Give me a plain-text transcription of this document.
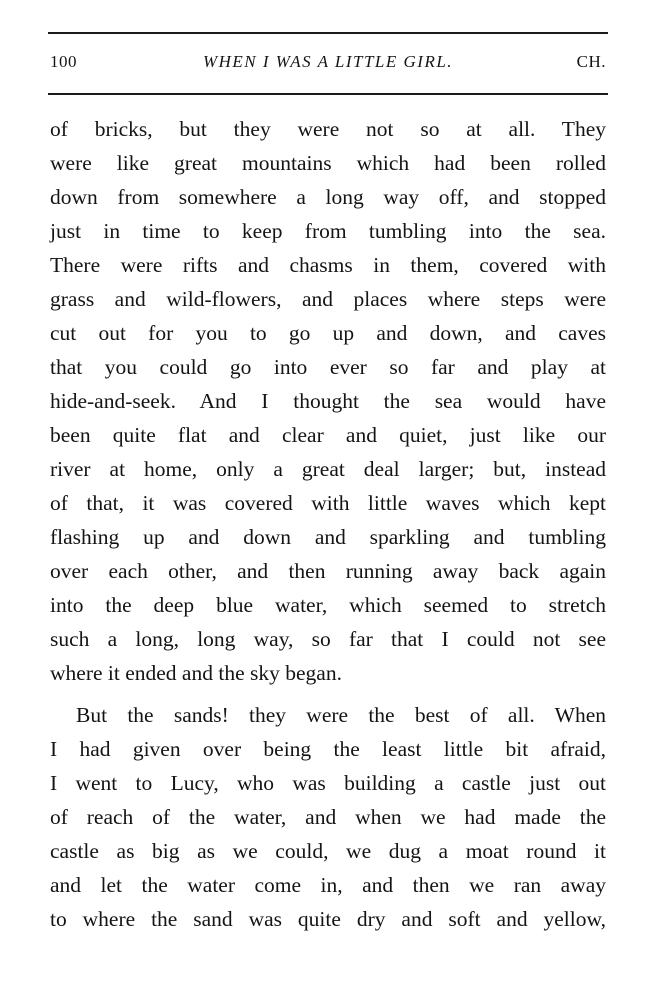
100	WHEN I WAS A LITTLE GIRL.	CH.
of bricks, but they were not so at all. They
were like great mountains which had been rolled
down from somewhere a long way off, and stopped
just in time to keep from tumbling into the sea.
There were rifts and chasms in them, covered with
grass and wild-flowers, and places where steps were
cut out for you to go up and down, and caves
that you could go into ever so far and play at
hide-and-seek. And I thought the sea would have
been quite flat and clear and quiet, just like our
river at home, only a great deal larger; but, instead
of that, it was covered with little waves which kept
flashing up and down and sparkling and tumbling
over each other, and then running away back again
into the deep blue water, which seemed to stretch
such a long, long way, so far that I could not see
where it ended and the sky began.
But the sands! they were the best of all. When
I had given over being the least little bit afraid,
I went to Lucy, who was building a castle just out
of reach of the water, and when we had made the
castle as big as we could, we dug a moat round it
and let the water come in, and then we ran away
to where the sand was quite dry and soft and yellow,
